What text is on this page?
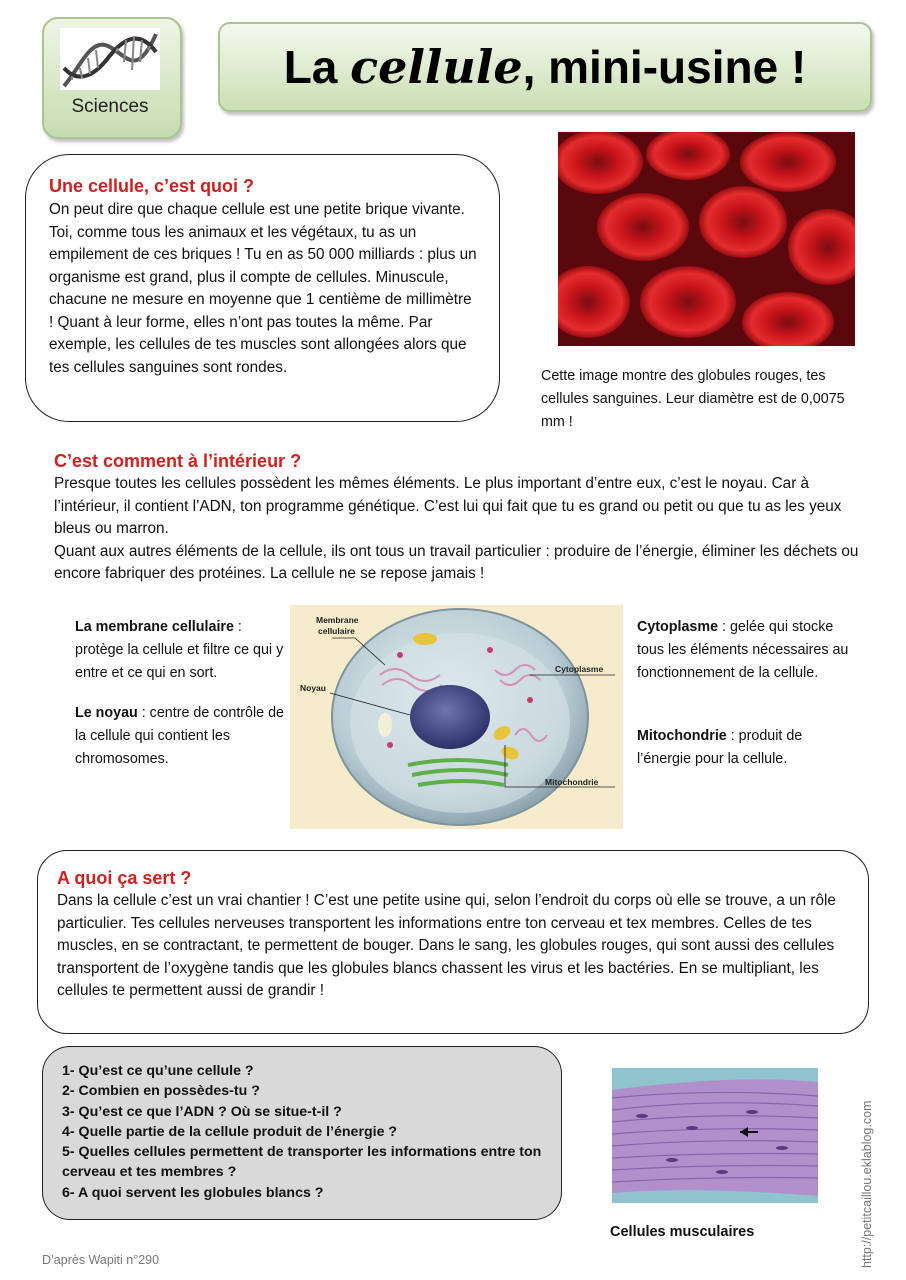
Sciences
La cellule, mini-usine !
Une cellule, c’est quoi ?

On peut dire que chaque cellule est une petite brique vivante. Toi, comme tous les animaux et les végétaux, tu as un empilement de ces briques ! Tu en as 50 000 milliards : plus un organisme est grand, plus il compte de cellules. Minuscule, chacune ne mesure en moyenne que 1 centième de millimètre ! Quant à leur forme, elles n’ont pas toutes la même. Par exemple, les cellules de tes muscles sont allongées alors que tes cellules sanguines sont rondes.

Cette image montre des globules rouges, tes cellules sanguines. Leur diamètre est de 0,0075 mm !
C’est comment à l’intérieur ?

Presque toutes les cellules possèdent les mêmes éléments. Le plus important d’entre eux, c’est le noyau. Car à l’intérieur, il contient l’ADN, ton programme génétique. C’est lui qui fait que tu es grand ou petit ou que tu as les yeux bleus ou marron.

Quant aux autres éléments de la cellule, ils ont tous un travail particulier : produire de l’énergie, éliminer les déchets ou encore fabriquer des protéines. La cellule ne se repose jamais !

La membrane cellulaire : protège la cellule et filtre ce qui y entre et ce qui en sort.
Le noyau : centre de contrôle de la cellule qui contient les chromosomes.
Membrane
cellulaire
Noyau
Cytoplasme
Mitochondrie
Cytoplasme : gelée qui stocke tous les éléments nécessaires au fonctionnement de la cellule.
Mitochondrie : produit de l’énergie pour la cellule.
A quoi ça sert ?

Dans la cellule c’est un vrai chantier ! C’est une petite usine qui, selon l’endroit du corps où elle se trouve, a un rôle particulier. Tes cellules nerveuses transportent les informations entre ton cerveau et tex membres. Celles de tes muscles, en se contractant, te permettent de bouger. Dans le sang, les globules rouges, qui sont aussi des cellules transportent de l’oxygène tandis que les globules blancs chassent les virus et les bactéries. En se multipliant, les cellules te permettent aussi de grandir !

1- Qu’est ce qu’une cellule ?
2- Combien en possèdes-tu ?
3- Qu’est ce que l’ADN ? Où se situe-t-il ?
4- Quelle partie de la cellule produit de l’énergie ?
5- Quelles cellules permettent de transporter les informations entre ton cerveau et tes membres ?
6- A quoi servent les globules blancs ?
Cellules musculaires
D’après Wapiti n°290	http://petitcaillou.eklablog.com
